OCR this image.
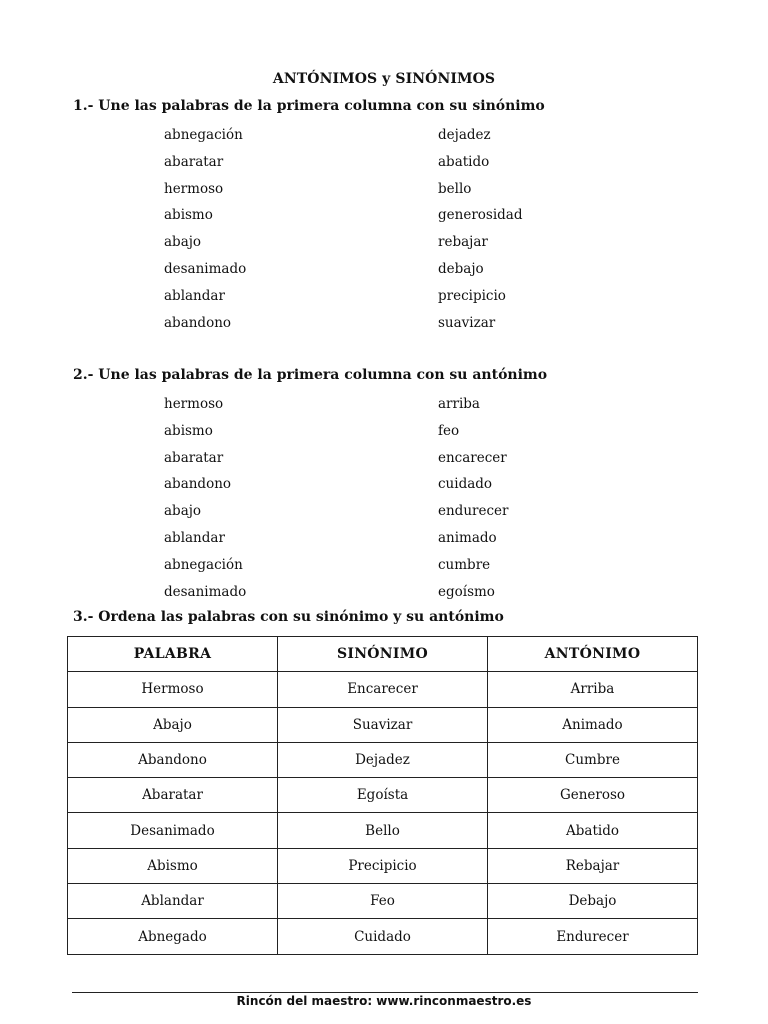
ANTÓNIMOS y SINÓNIMOS
1.- Une las palabras de la primera columna con su sinónimo
abnegación	dejadez
abaratar	abatido
hermoso	bello
abismo	generosidad
abajo	rebajar
desanimado	debajo
ablandar	precipicio
abandono	suavizar
2.- Une las palabras de la primera columna con su antónimo
hermoso	arriba
abismo	feo
abaratar	encarecer
abandono	cuidado
abajo	endurecer
ablandar	animado
abnegación	cumbre
desanimado	egoísmo
3.- Ordena las palabras con su sinónimo y su antónimo
PALABRA	SINÓNIMO	ANTÓNIMO
Hermoso	Encarecer	Arriba
Abajo	Suavizar	Animado
Abandono	Dejadez	Cumbre
Abaratar	Egoísta	Generoso
Desanimado	Bello	Abatido
Abismo	Precipicio	Rebajar
Ablandar	Feo	Debajo
Abnegado	Cuidado	Endurecer
Rincón del maestro: www.rinconmaestro.es
